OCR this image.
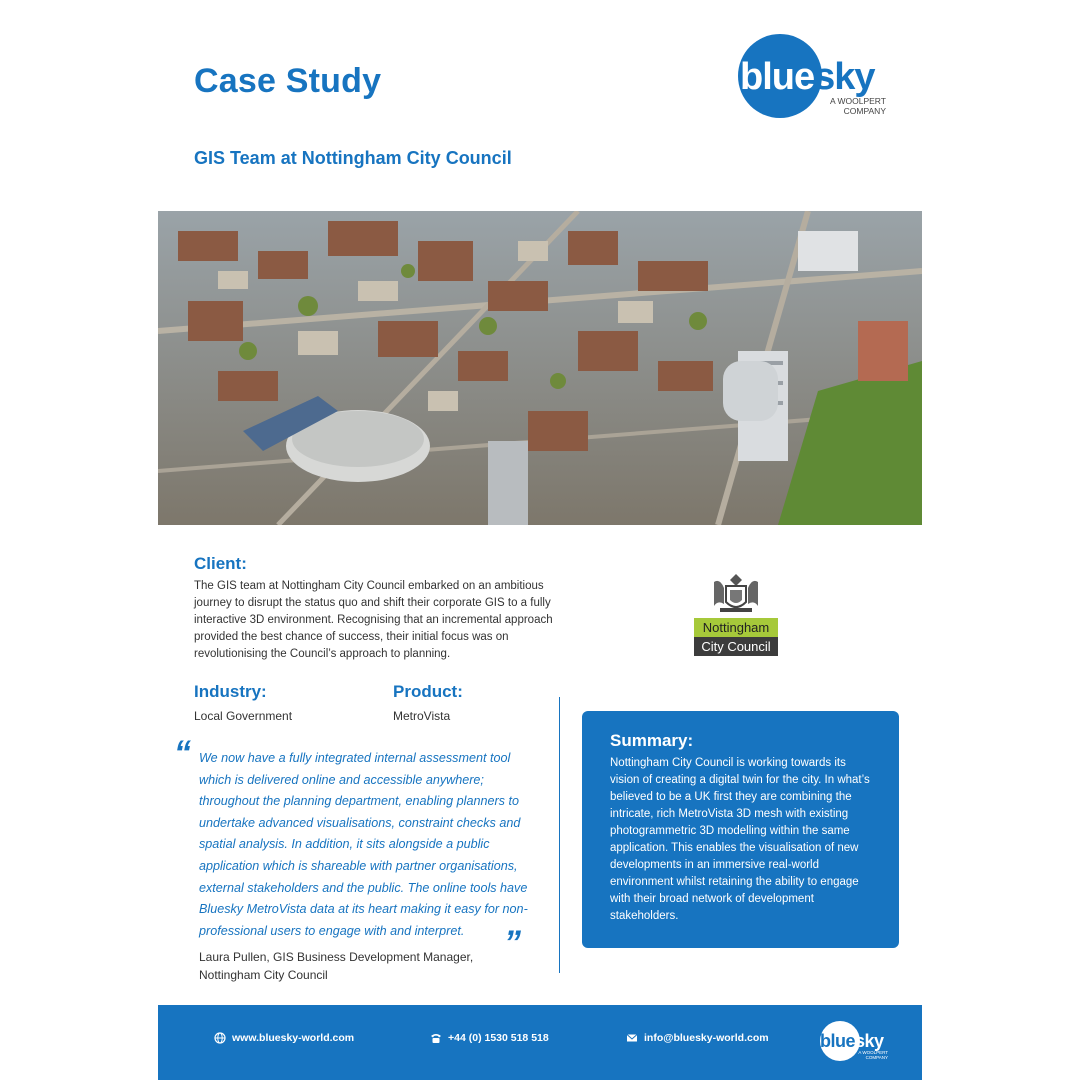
Case Study	bluesky
A WOOLPERT COMPANY
GIS Team at Nottingham City Council
Client:
The GIS team at Nottingham City Council embarked on an ambitious journey to disrupt the status quo and shift their corporate GIS to a fully interactive 3D environment. Recognising that an incremental approach provided the best chance of success, their initial focus was on revolutionising the Council’s approach to planning.
Nottingham
City Council
Industry:
Local Government
Product:
MetroVista
“ We now have a fully integrated internal assessment tool which is delivered online and accessible anywhere; throughout the planning department, enabling planners to undertake advanced visualisations, constraint checks and spatial analysis. In addition, it sits alongside a public application which is shareable with partner organisations, external stakeholders and the public. The online tools have Bluesky MetroVista data at its heart making it easy for non-professional users to engage with and interpret.	”
Laura Pullen, GIS Business Development Manager,
Nottingham City Council
Summary:
Nottingham City Council is working towards its vision of creating a digital twin for the city. In what’s believed to be a UK first they are combining the intricate, rich MetroVista 3D mesh with existing photogrammetric 3D modelling within the same application. This enables the visualisation of new developments in an immersive real-world environment whilst retaining the ability to engage with their broad network of development stakeholders.
www.bluesky-world.com	+44 (0) 1530 518 518	info@bluesky-world.com	bluesky
A WOOLPERT COMPANY
